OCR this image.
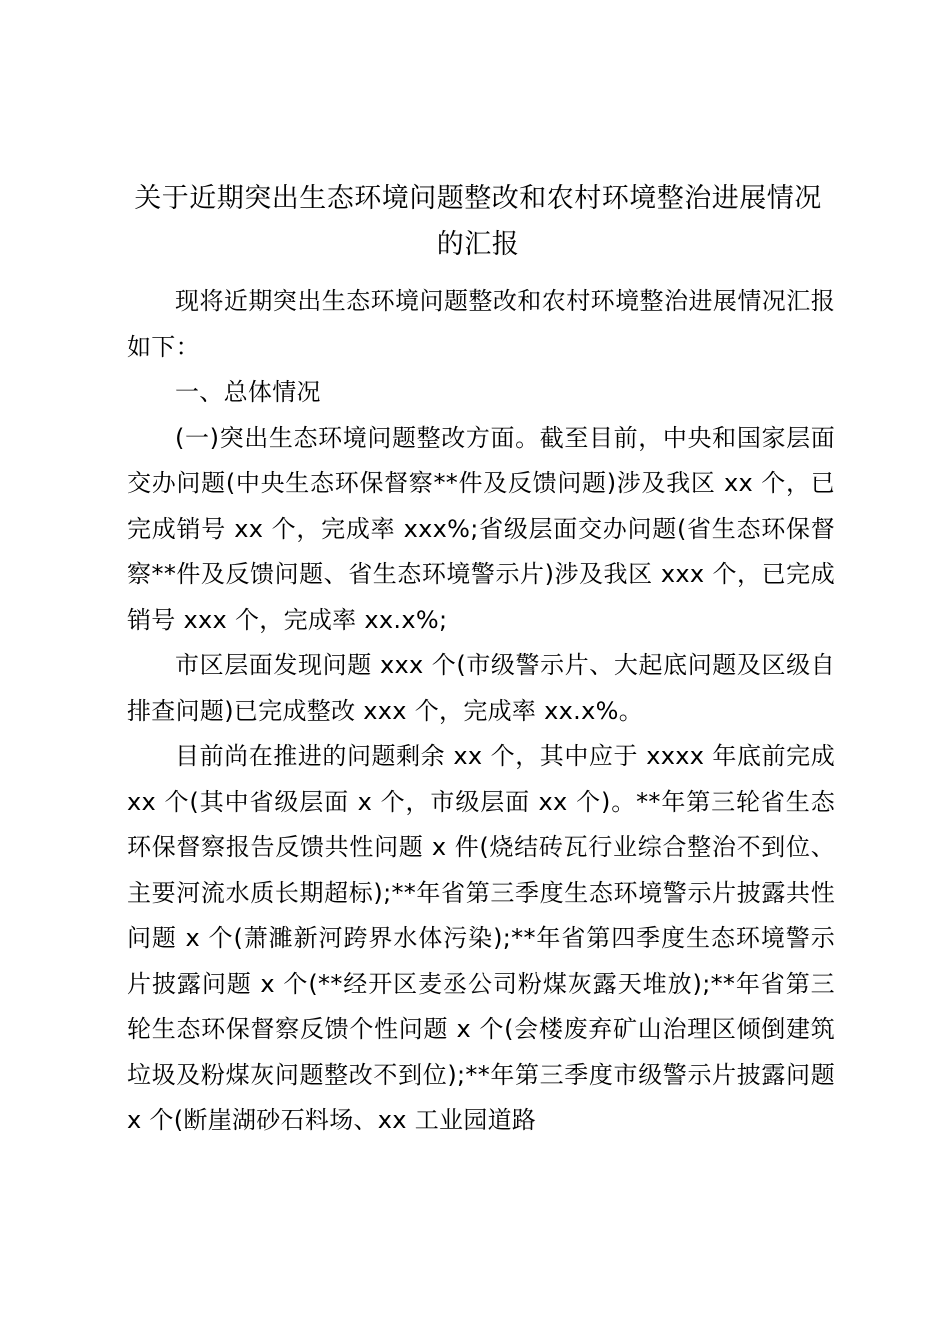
关于近期突出生态环境问题整改和农村环境整治进展情况的汇报

现将近期突出生态环境问题整改和农村环境整治进展情况汇报如下：

一、总体情况

(一)突出生态环境问题整改方面。截至目前，中央和国家层面交办问题(中央生态环保督察**件及反馈问题)涉及我区 xx 个，已完成销号 xx 个，完成率 xxx%;省级层面交办问题(省生态环保督察**件及反馈问题、省生态环境警示片)涉及我区 xxx 个，已完成销号 xxx 个，完成率 xx.x%;

市区层面发现问题 xxx 个(市级警示片、大起底问题及区级自排查问题)已完成整改 xxx 个，完成率 xx.x%。

目前尚在推进的问题剩余 xx 个，其中应于 xxxx 年底前完成 xx 个(其中省级层面 x 个，市级层面 xx 个)。**年第三轮省生态环保督察报告反馈共性问题 x 件(烧结砖瓦行业综合整治不到位、主要河流水质长期超标);**年省第三季度生态环境警示片披露共性问题 x 个(萧濉新河跨界水体污染);**年省第四季度生态环境警示片披露问题 x 个(**经开区麦丞公司粉煤灰露天堆放);**年省第三轮生态环保督察反馈个性问题 x 个(会楼废弃矿山治理区倾倒建筑垃圾及粉煤灰问题整改不到位);**年第三季度市级警示片披露问题 x 个(断崖湖砂石料场、xx 工业园道路
